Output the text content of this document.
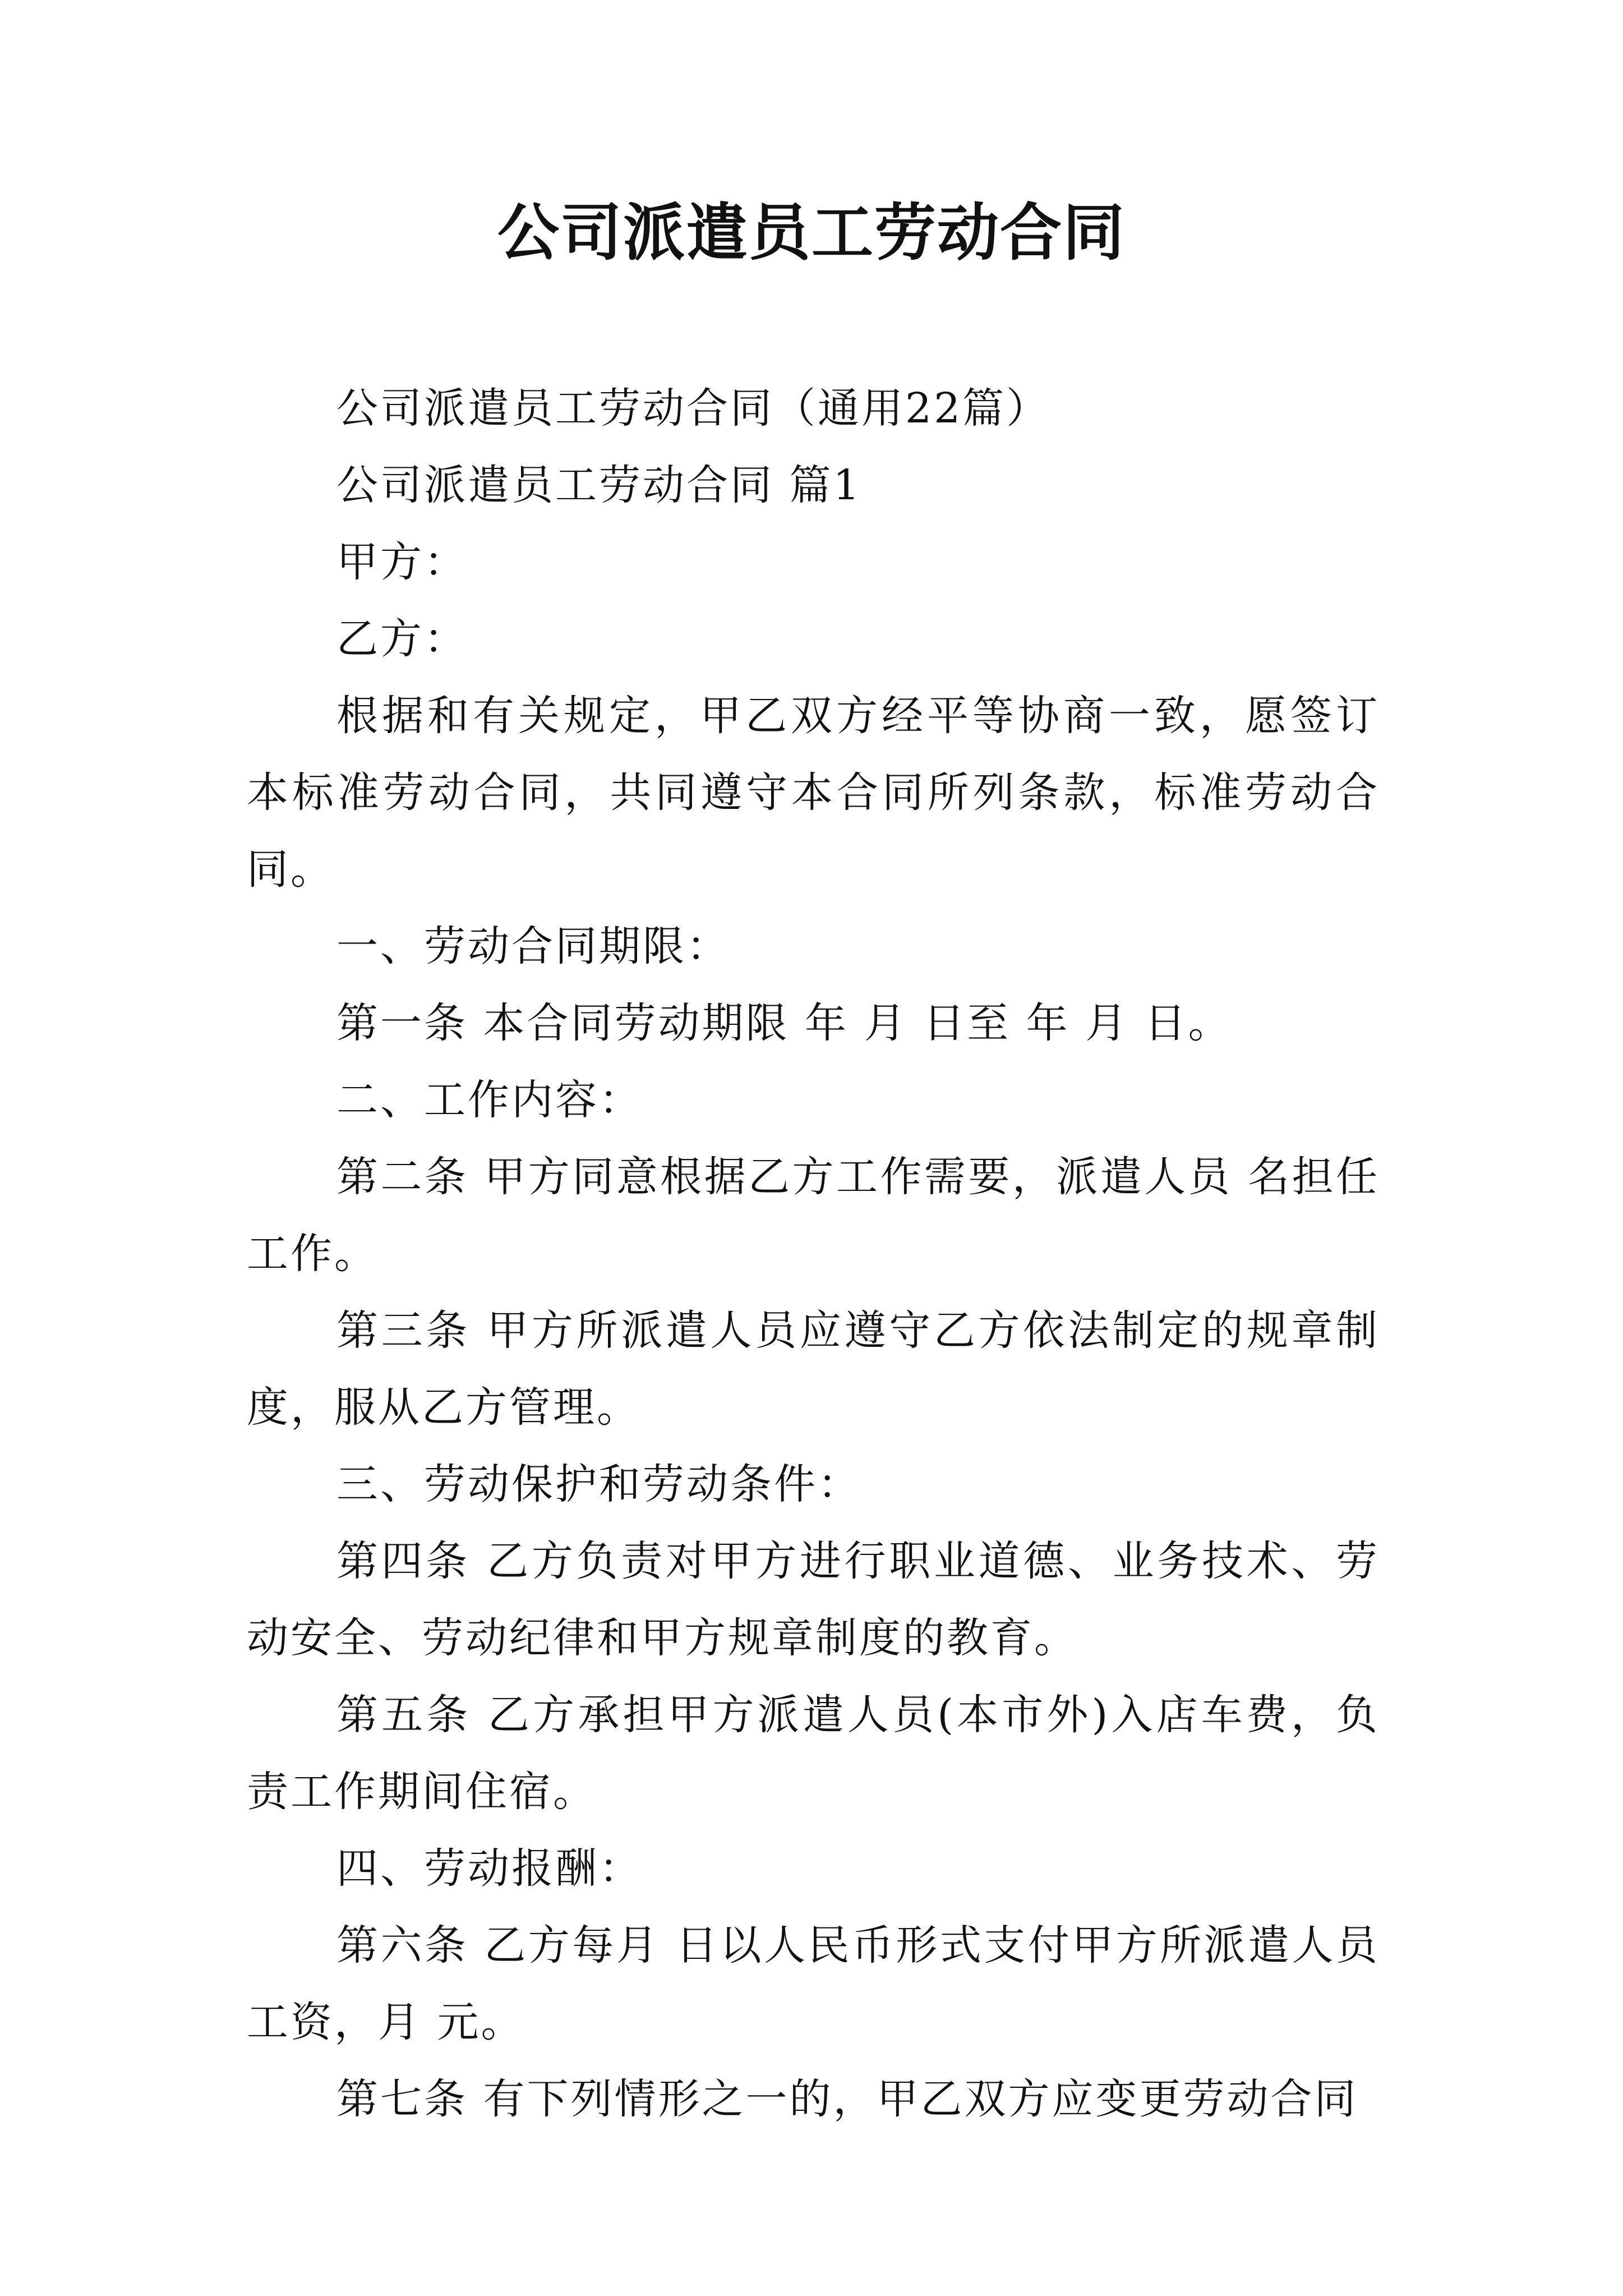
公司派遣员工劳动合同

公司派遣员工劳动合同（通用22篇）

公司派遣员工劳动合同 篇1

甲方：

乙方：

根据和有关规定，甲乙双方经平等协商一致，愿签订本标准劳动合同，共同遵守本合同所列条款，标准劳动合同。

一、劳动合同期限：

第一条 本合同劳动期限 年 月 日至 年 月 日。

二、工作内容：

第二条 甲方同意根据乙方工作需要，派遣人员 名担任工作。

第三条 甲方所派遣人员应遵守乙方依法制定的规章制度，服从乙方管理。

三、劳动保护和劳动条件：

第四条 乙方负责对甲方进行职业道德、业务技术、劳动安全、劳动纪律和甲方规章制度的教育。

第五条 乙方承担甲方派遣人员(本市外)入店车费，负责工作期间住宿。

四、劳动报酬：

第六条 乙方每月 日以人民币形式支付甲方所派遣人员工资，月 元。

第七条 有下列情形之一的，甲乙双方应变更劳动合同
